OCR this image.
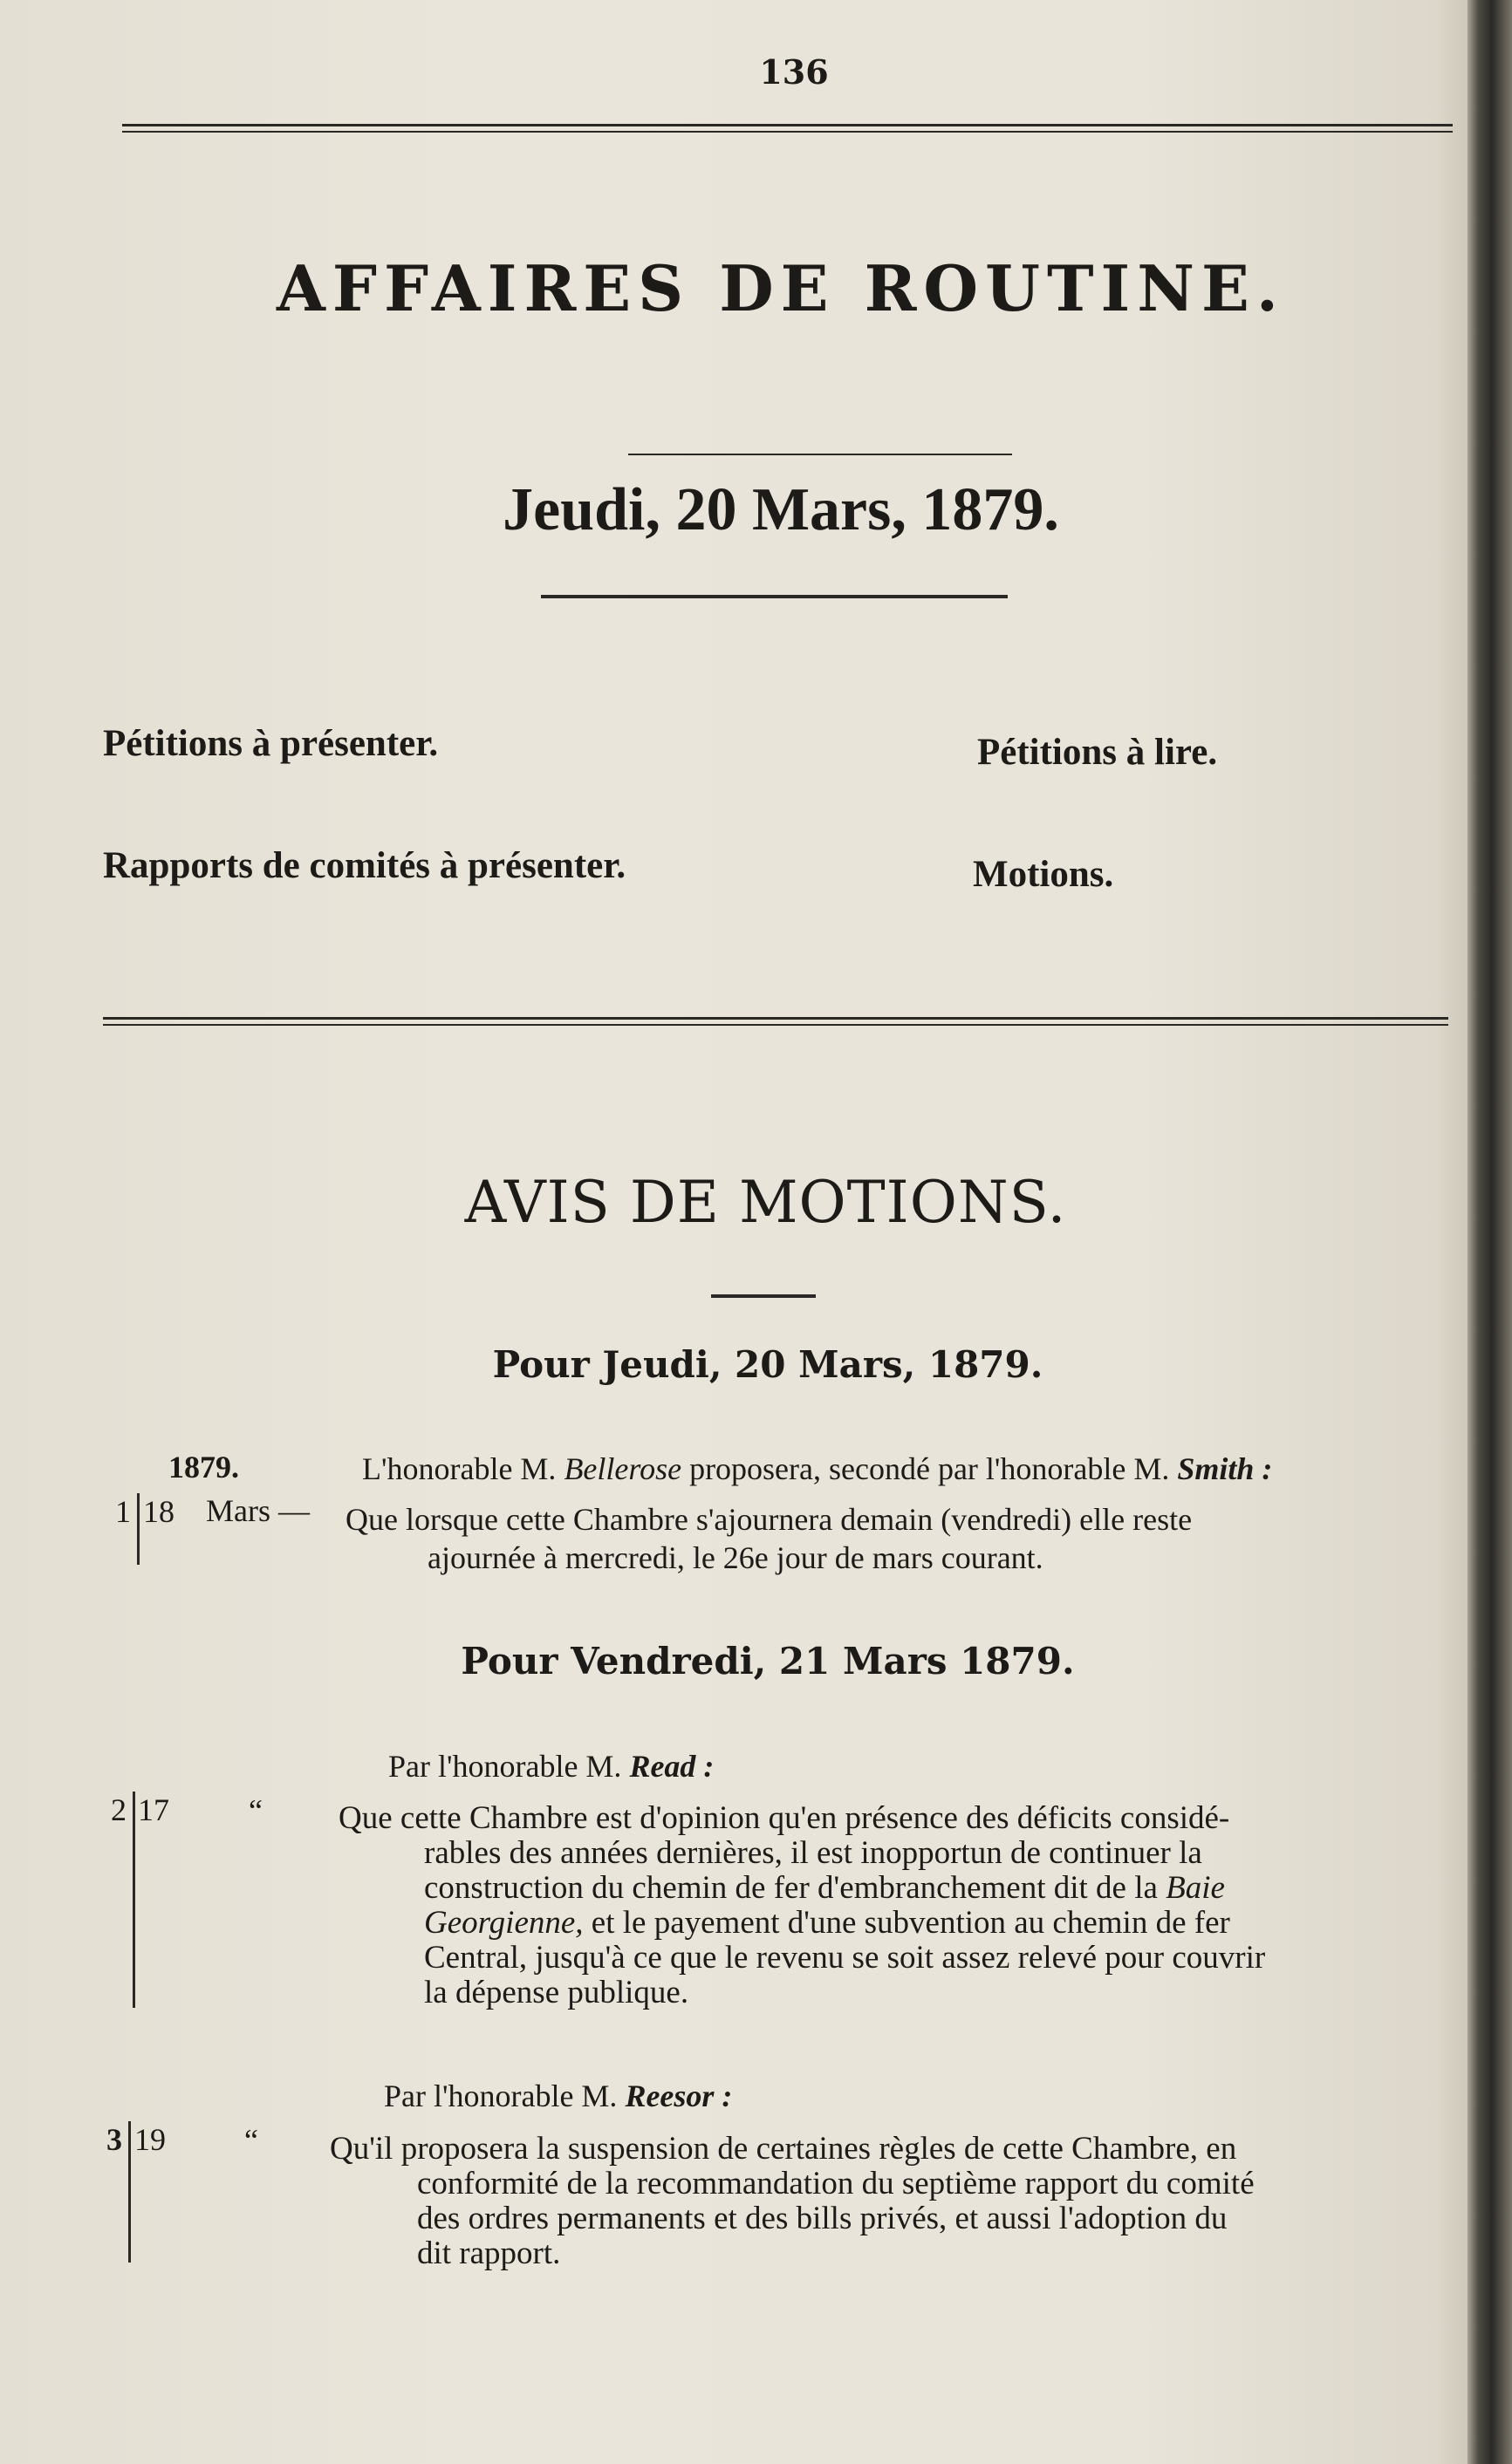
136
AFFAIRES DE ROUTINE.
Jeudi, 20 Mars, 1879.
Pétitions à présenter.	Pétitions à lire.
Rapports de comités à présenter.	Motions.
AVIS DE MOTIONS.
Pour Jeudi, 20 Mars, 1879.
1879.	L'honorable M. Bellerose proposera, secondé par l'honorable M. Smith :
1 18 Mars — Que lorsque cette Chambre s'ajournera demain (vendredi) elle reste
ajournée à mercredi, le 26e jour de mars courant.
Pour Vendredi, 21 Mars 1879.
Par l'honorable M. Read :
2 17	“ Que cette Chambre est d'opinion qu'en présence des déficits considé-
rables des années dernières, il est inopportun de continuer la
construction du chemin de fer d'embranchement dit de la Baie
Georgienne, et le payement d'une subvention au chemin de fer
Central, jusqu'à ce que le revenu se soit assez relevé pour couvrir
la dépense publique.
Par l'honorable M. Reesor :
3 19	“ Qu'il proposera la suspension de certaines règles de cette Chambre, en
conformité de la recommandation du septième rapport du comité
des ordres permanents et des bills privés, et aussi l'adoption du
dit rapport.
